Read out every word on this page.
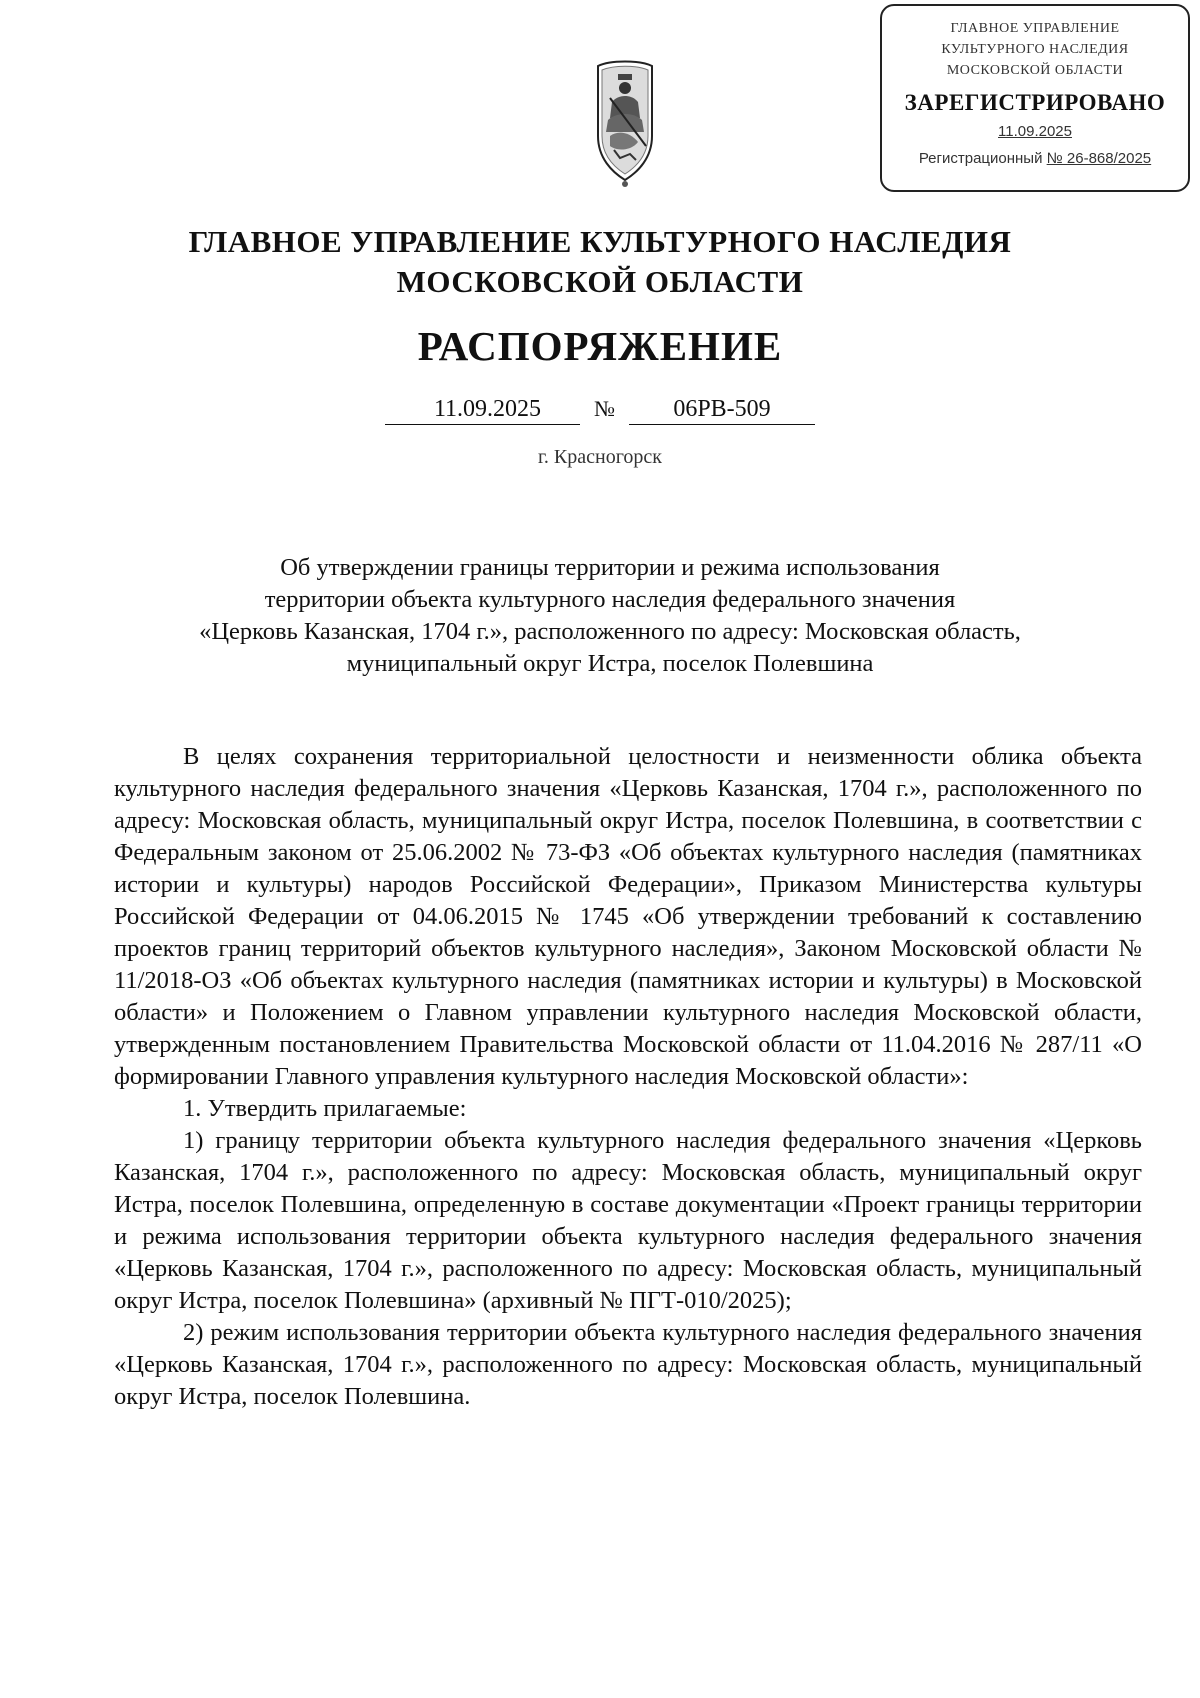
ГЛАВНОЕ УПРАВЛЕНИЕ
КУЛЬТУРНОГО НАСЛЕДИЯ
МОСКОВСКОЙ ОБЛАСТИ
ЗАРЕГИСТРИРОВАНО
11.09.2025
Регистрационный № 26-868/2025
ГЛАВНОЕ УПРАВЛЕНИЕ КУЛЬТУРНОГО НАСЛЕДИЯ
МОСКОВСКОЙ ОБЛАСТИ
РАСПОРЯЖЕНИЕ
11.09.2025 № 06РВ-509
г. Красногорск
Об утверждении границы территории и режима использования
территории объекта культурного наследия федерального значения
«Церковь Казанская, 1704 г.», расположенного по адресу: Московская область,
муниципальный округ Истра, поселок Полевшина

В целях сохранения территориальной целостности и неизменности облика объекта культурного наследия федерального значения «Церковь Казанская, 1704 г.», расположенного по адресу: Московская область, муниципальный округ Истра, поселок Полевшина, в соответствии с Федеральным законом от 25.06.2002 № 73-ФЗ «Об объектах культурного наследия (памятниках истории и культуры) народов Российской Федерации», Приказом Министерства культуры Российской Федерации от 04.06.2015 № 1745 «Об утверждении требований к составлению проектов границ территорий объектов культурного наследия», Законом Московской области № 11/2018-ОЗ «Об объектах культурного наследия (памятниках истории и культуры) в Московской области» и Положением о Главном управлении культурного наследия Московской области, утвержденным постановлением Правительства Московской области от 11.04.2016 № 287/11 «О формировании Главного управления культурного наследия Московской области»:

1. Утвердить прилагаемые:

1) границу территории объекта культурного наследия федерального значения «Церковь Казанская, 1704 г.», расположенного по адресу: Московская область, муниципальный округ Истра, поселок Полевшина, определенную в составе документации «Проект границы территории и режима использования территории объекта культурного наследия федерального значения «Церковь Казанская, 1704 г.», расположенного по адресу: Московская область, муниципальный округ Истра, поселок Полевшина» (архивный № ПГТ-010/2025);

2) режим использования территории объекта культурного наследия федерального значения «Церковь Казанская, 1704 г.», расположенного по адресу: Московская область, муниципальный округ Истра, поселок Полевшина.
